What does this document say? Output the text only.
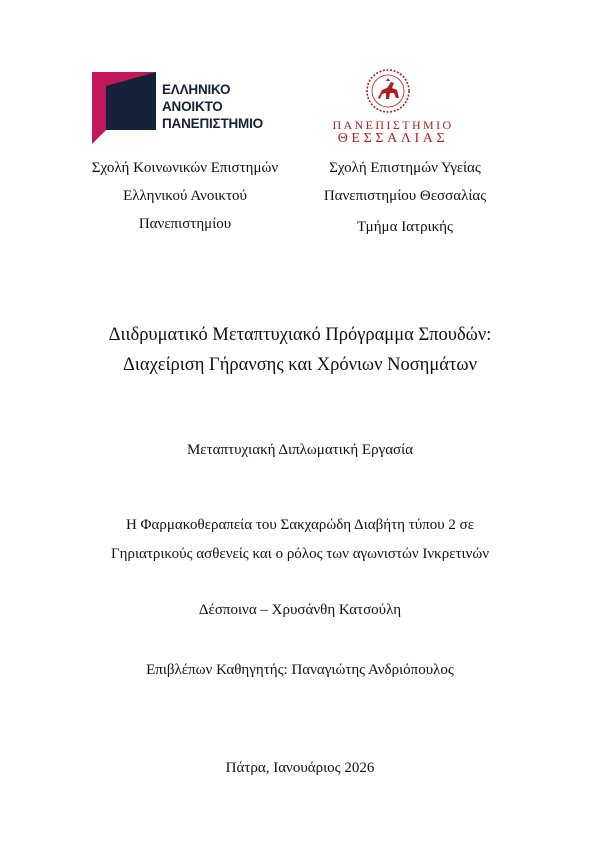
ΕΛΛΗΝΙΚΟ
ΑΝΟΙΚΤΟ
ΠΑΝΕΠΙΣΤΗΜΙΟ	ΠΑΝΕΠΙΣΤΗΜΙΟ
ΘΕΣΣΑΛΙΑΣ
Σχολή Κοινωνικών Επιστημών
Ελληνικού Ανοικτού
Πανεπιστημίου
Σχολή Επιστημών Υγείας
Πανεπιστημίου Θεσσαλίας
Τμήμα Ιατρικής
Διιδρυματικό Μεταπτυχιακό Πρόγραμμα Σπουδών:
Διαχείριση Γήρανσης και Χρόνιων Νοσημάτων
Μεταπτυχιακή Διπλωματική Εργασία
Η Φαρμακοθεραπεία του Σακχαρώδη Διαβήτη τύπου 2 σε
Γηριατρικούς ασθενείς και ο ρόλος των αγωνιστών Ινκρετινών
Δέσποινα – Χρυσάνθη Κατσούλη
Επιβλέπων Καθηγητής: Παναγιώτης Ανδριόπουλος
Πάτρα, Ιανουάριος 2026
